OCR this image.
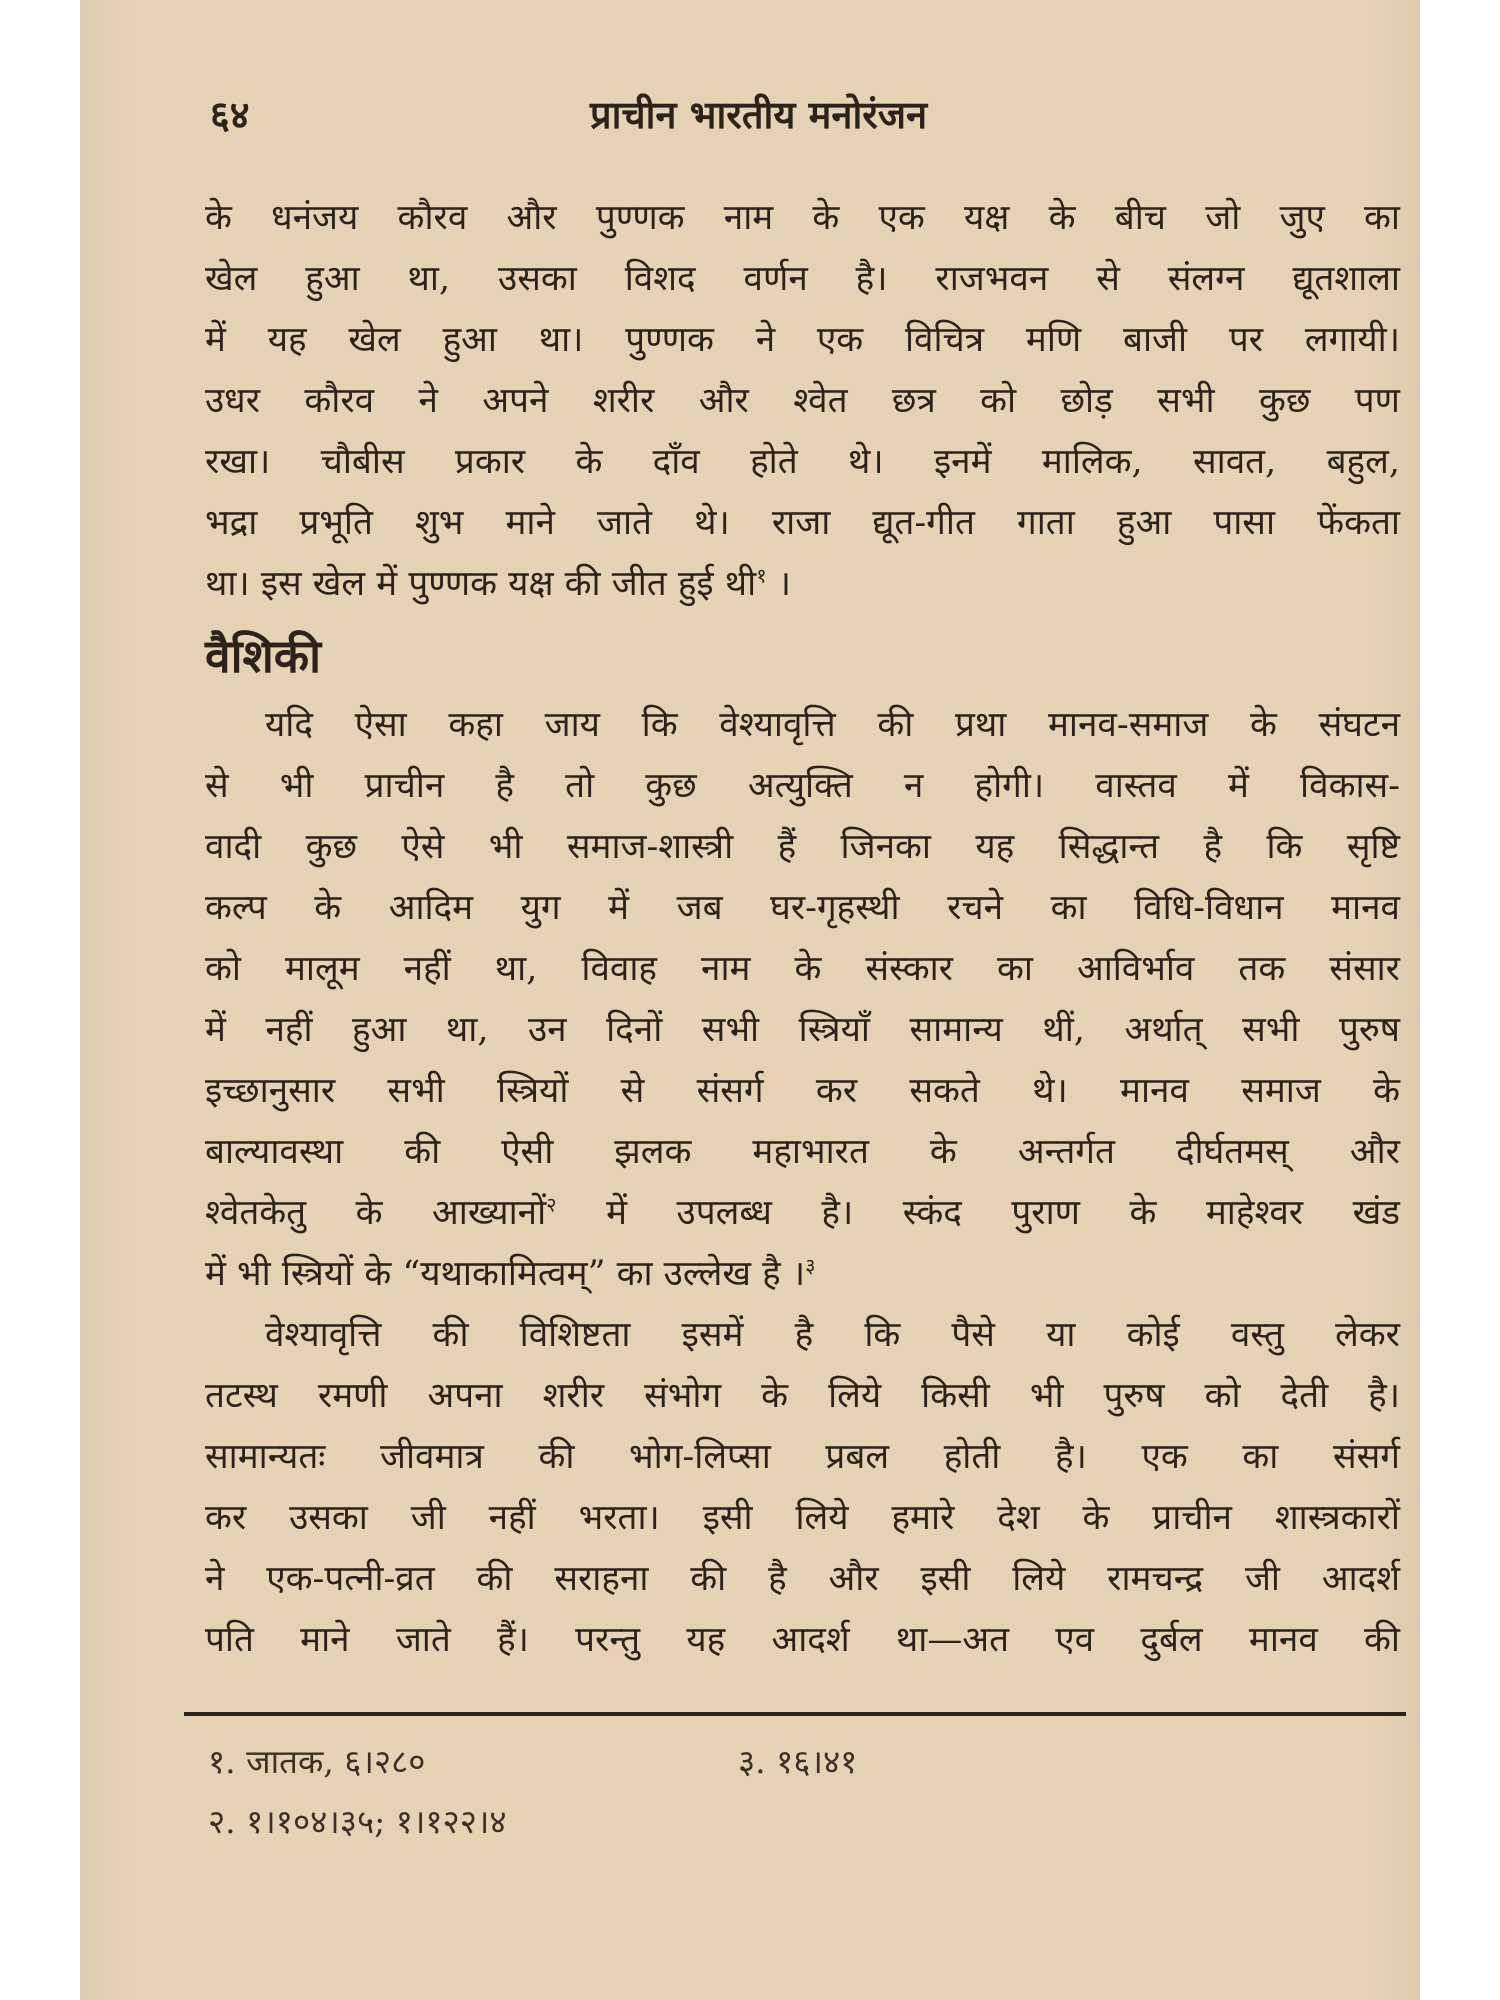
६४	प्राचीन भारतीय मनोरंजन
के धनंजय कौरव और पुण्णक नाम के एक यक्ष के बीच जो जुए का
खेल हुआ था, उसका विशद वर्णन है। राजभवन से संलग्न द्यूतशाला
में यह खेल हुआ था। पुण्णक ने एक विचित्र मणि बाजी पर लगायी।
उधर कौरव ने अपने शरीर और श्वेत छत्र को छोड़ सभी कुछ पण
रखा। चौबीस प्रकार के दाँव होते थे। इनमें मालिक, सावत, बहुल,
भद्रा प्रभूति शुभ माने जाते थे। राजा द्यूत-गीत गाता हुआ पासा फेंकता
था। इस खेल में पुण्णक यक्ष की जीत हुई थी$^१$ ।
वैशिकी
यदि ऐसा कहा जाय कि वेश्यावृत्ति की प्रथा मानव-समाज के संघटन
से भी प्राचीन है तो कुछ अत्युक्ति न होगी। वास्तव में विकास-
वादी कुछ ऐसे भी समाज-शास्त्री हैं जिनका यह सिद्धान्त है कि सृष्टि
कल्प के आदिम युग में जब घर-गृहस्थी रचने का विधि-विधान मानव
को मालूम नहीं था, विवाह नाम के संस्कार का आविर्भाव तक संसार
में नहीं हुआ था, उन दिनों सभी स्त्रियाँ सामान्य थीं, अर्थात् सभी पुरुष
इच्छानुसार सभी स्त्रियों से संसर्ग कर सकते थे। मानव समाज के
बाल्यावस्था की ऐसी झलक महाभारत के अन्तर्गत दीर्घतमस् और
श्वेतकेतु के आख्यानों$^२$ में उपलब्ध है। स्कंद पुराण के माहेश्वर खंड
में भी स्त्रियों के “यथाकामित्वम्” का उल्लेख है ।$^३$
वेश्यावृत्ति की विशिष्टता इसमें है कि पैसे या कोई वस्तु लेकर
तटस्थ रमणी अपना शरीर संभोग के लिये किसी भी पुरुष को देती है।
सामान्यतः जीवमात्र की भोग-लिप्सा प्रबल होती है। एक का संसर्ग
कर उसका जी नहीं भरता। इसी लिये हमारे देश के प्राचीन शास्त्रकारों
ने एक-पत्नी-व्रत की सराहना की है और इसी लिये रामचन्द्र जी आदर्श
पति माने जाते हैं। परन्तु यह आदर्श था—अत एव दुर्बल मानव की
१. जातक, ६।२८०	३. १६।४१
२. १।१०४।३५; १।१२२।४
